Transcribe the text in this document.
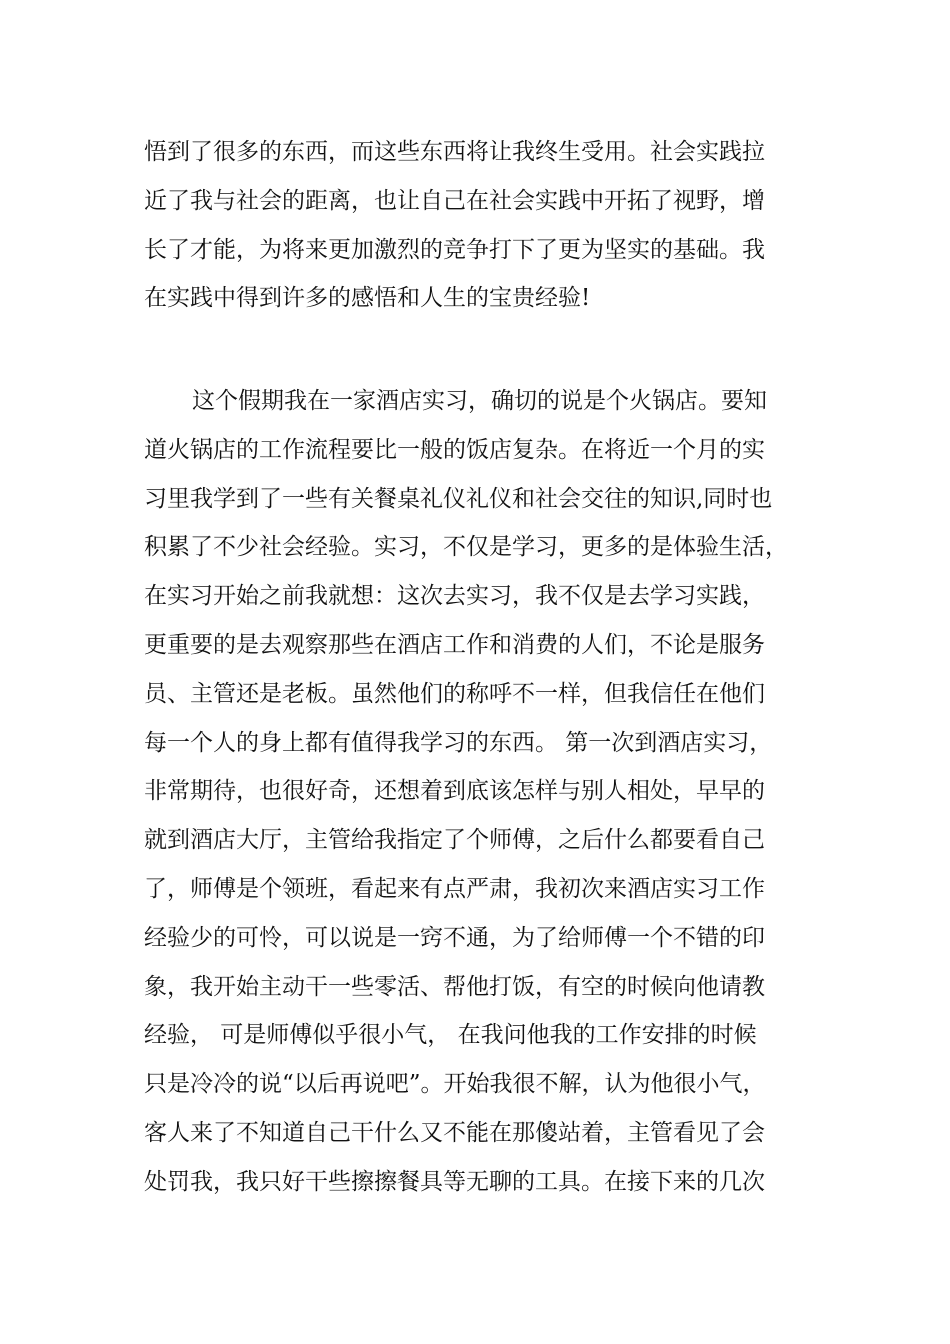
悟到了很多的东西，而这些东西将让我终生受用。社会实践拉
近了我与社会的距离，也让自己在社会实践中开拓了视野，增
长了才能，为将来更加激烈的竞争打下了更为坚实的基础。我
在实践中得到许多的感悟和人生的宝贵经验!
这个假期我在一家酒店实习，确切的说是个火锅店。要知
道火锅店的工作流程要比一般的饭店复杂。在将近一个月的实
习里我学到了一些有关餐桌礼仪礼仪和社会交往的知识,同时也
积累了不少社会经验。实习，不仅是学习，更多的是体验生活，
在实习开始之前我就想：这次去实习，我不仅是去学习实践，
更重要的是去观察那些在酒店工作和消费的人们，不论是服务
员、主管还是老板。虽然他们的称呼不一样，但我信任在他们
每一个人的身上都有值得我学习的东西。 第一次到酒店实习，
非常期待，也很好奇，还想着到底该怎样与别人相处，早早的
就到酒店大厅，主管给我指定了个师傅，之后什么都要看自己
了，师傅是个领班，看起来有点严肃，我初次来酒店实习工作
经验少的可怜，可以说是一窍不通，为了给师傅一个不错的印
象，我开始主动干一些零活、帮他打饭，有空的时候向他请教
经验， 可是师傅似乎很小气， 在我问他我的工作安排的时候
只是冷冷的说“以后再说吧”。开始我很不解，认为他很小气，
客人来了不知道自己干什么又不能在那傻站着，主管看见了会
处罚我，我只好干些擦擦餐具等无聊的工具。在接下来的几次
